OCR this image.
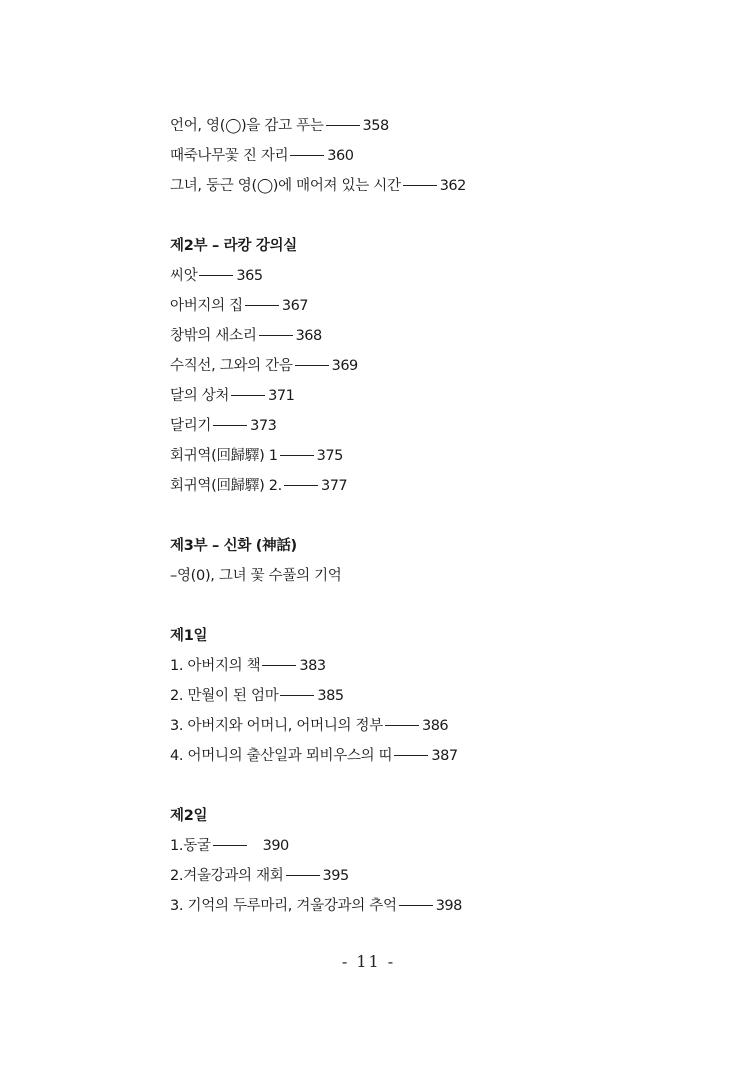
언어, 영(◯)을 감고 푸는	358
때죽나무꽃 진 자리	360
그녀, 둥근 영(◯)에 매어져 있는 시간	362
제2부 – 라캉 강의실
씨앗	365
아버지의 집	367
창밖의 새소리	368
수직선, 그와의 간음	369
달의 상처	371
달리기	373
회귀역(回歸驛) 1	375
회귀역(回歸驛) 2.	377
제3부 – 신화 (神話)
–영(0), 그녀 꽃 수풀의 기억
제1일
1. 아버지의 책	383
2. 만월이 된 엄마	385
3. 아버지와 어머니, 어머니의 정부	386
4. 어머니의 출산일과 뫼비우스의 띠	387
제2일
1.동굴	390
2.겨울강과의 재회	395
3. 기억의 두루마리, 겨울강과의 추억	398
- 11 -
